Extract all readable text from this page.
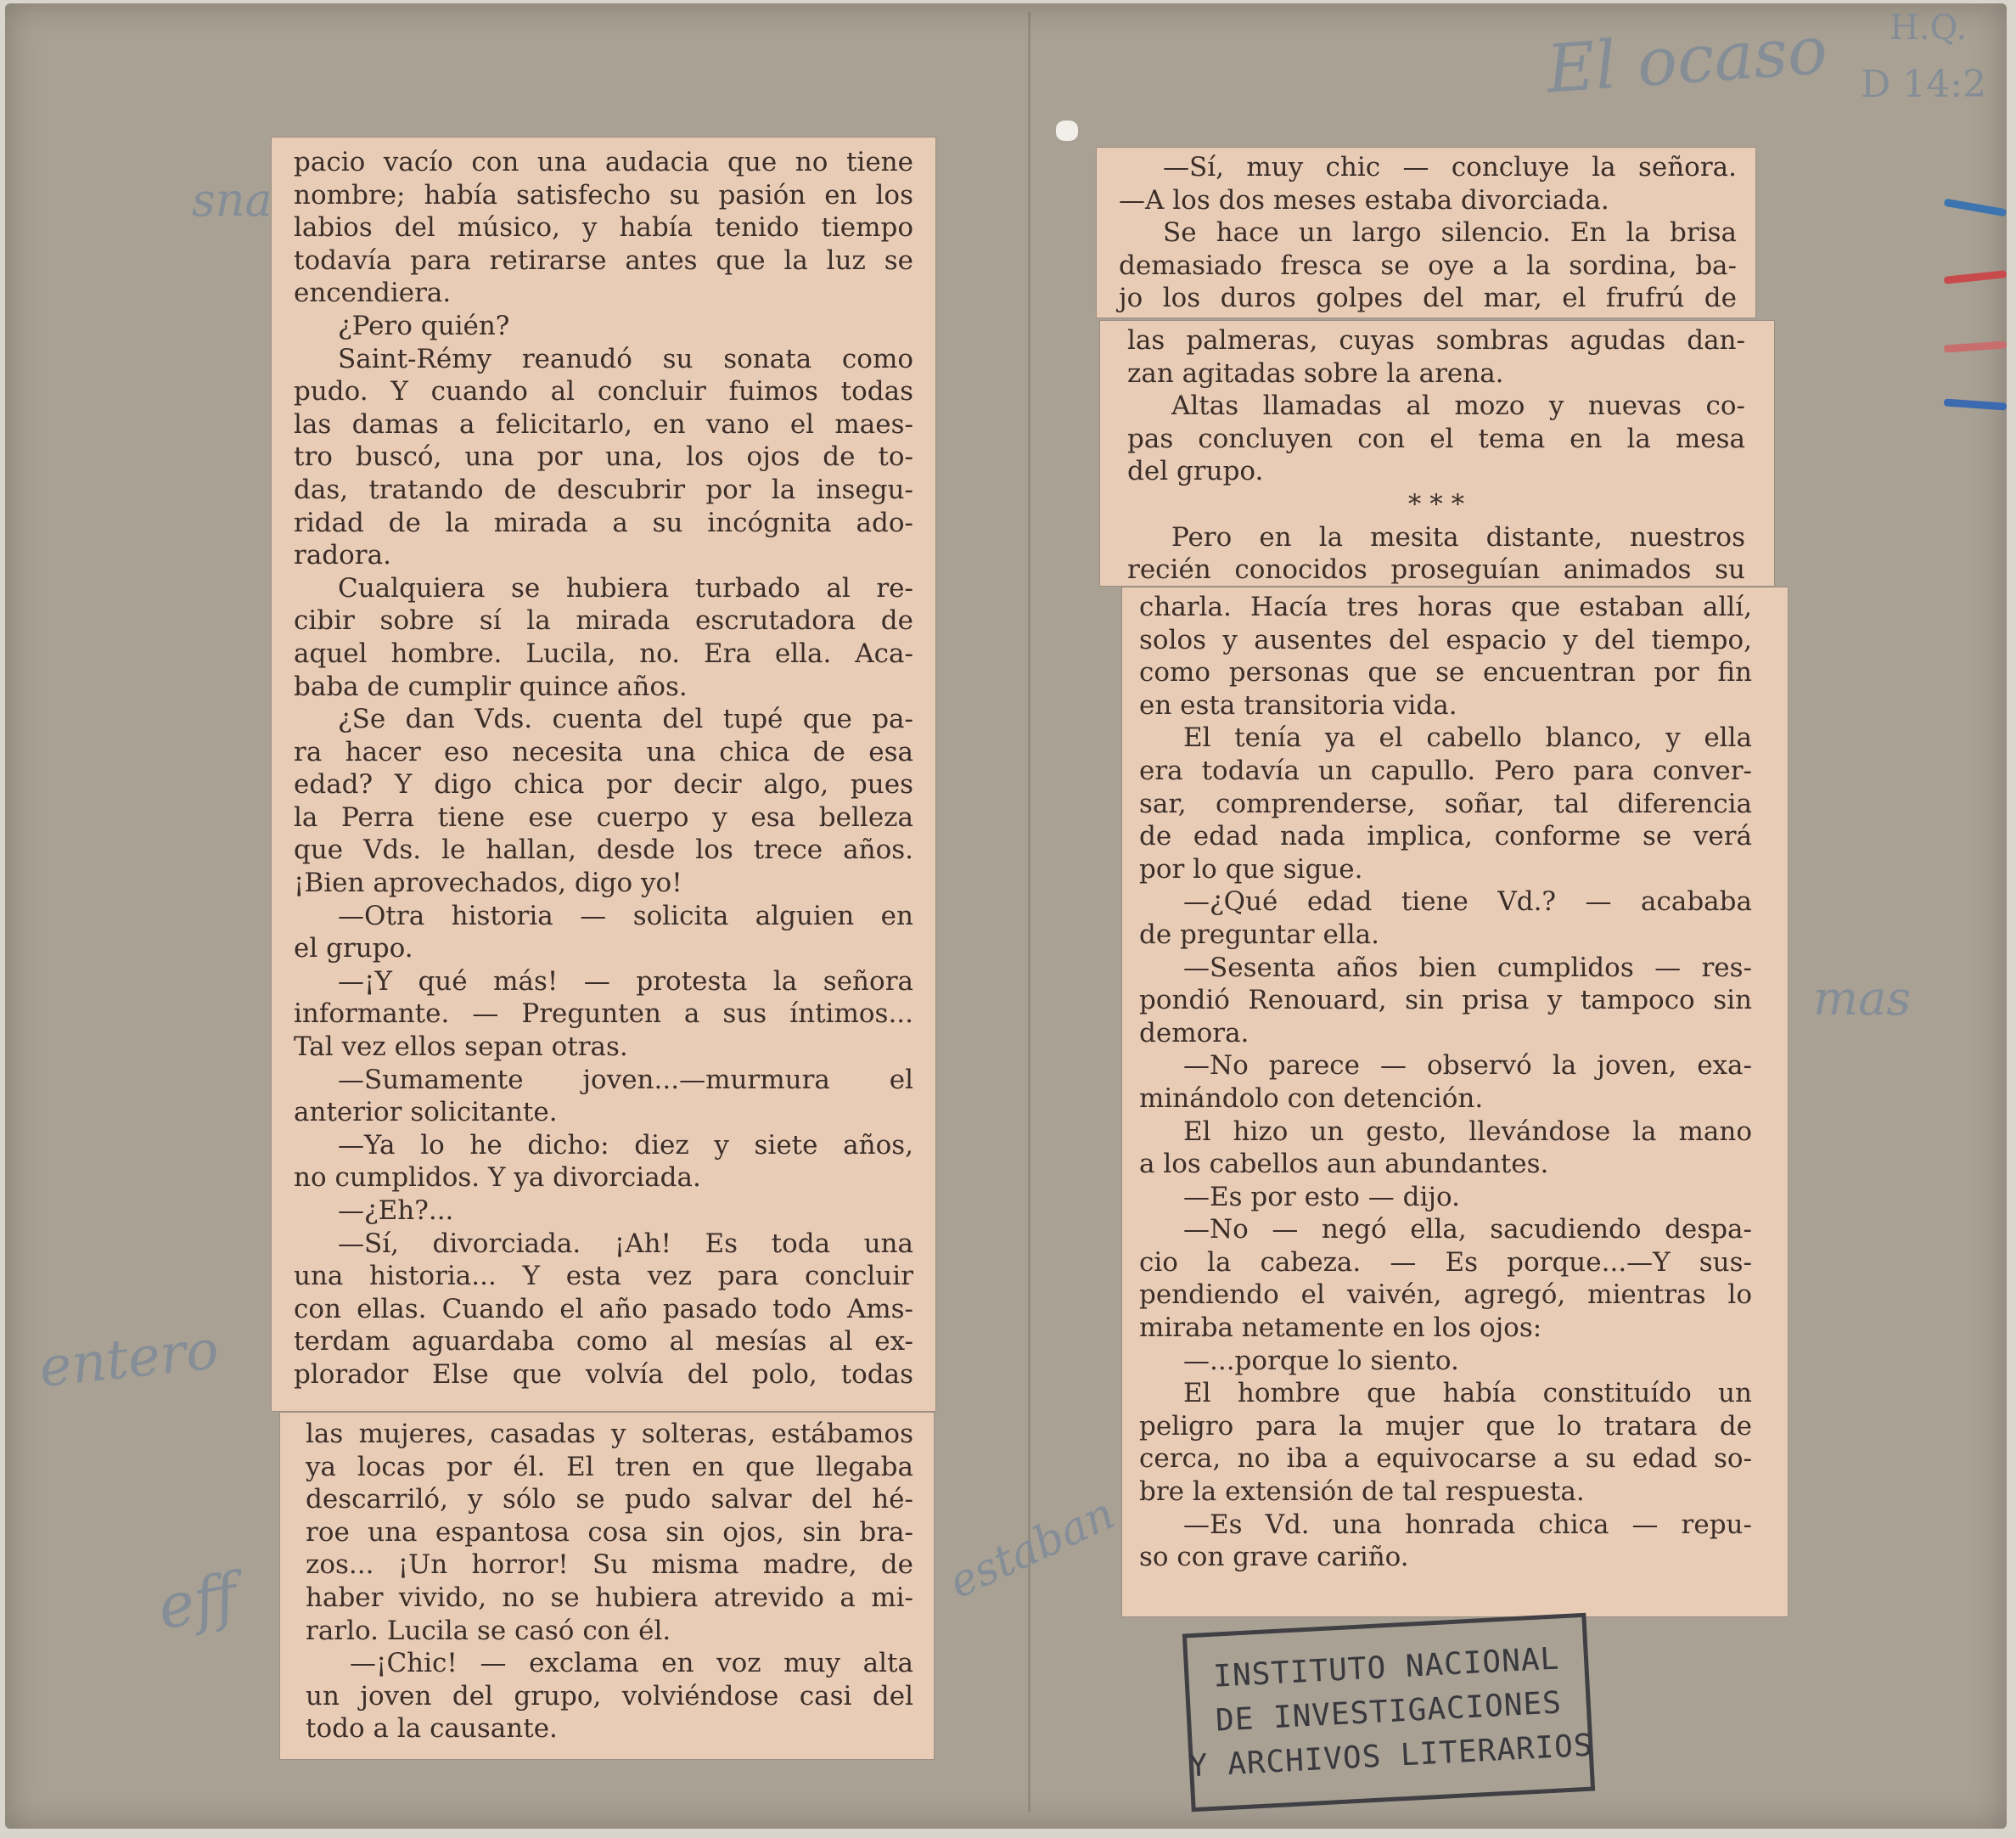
pacio vacío con una audacia que no tiene

nombre; había satisfecho su pasión en los

labios del músico, y había tenido tiempo

todavía para retirarse antes que la luz se

encendiera.

¿Pero quién?

Saint-Rémy reanudó su sonata como

pudo. Y cuando al concluir fuimos todas

las damas a felicitarlo, en vano el maes-

tro buscó, una por una, los ojos de to-

das, tratando de descubrir por la insegu-

ridad de la mirada a su incógnita ado-

radora.

Cualquiera se hubiera turbado al re-

cibir sobre sí la mirada escrutadora de

aquel hombre. Lucila, no. Era ella. Aca-

baba de cumplir quince años.

¿Se dan Vds. cuenta del tupé que pa-

ra hacer eso necesita una chica de esa

edad? Y digo chica por decir algo, pues

la Perra tiene ese cuerpo y esa belleza

que Vds. le hallan, desde los trece años.

¡Bien aprovechados, digo yo!

—Otra historia — solicita alguien en

el grupo.

—¡Y qué más! — protesta la señora

informante. — Pregunten a sus íntimos...

Tal vez ellos sepan otras.

—Sumamente joven...—murmura el

anterior solicitante.

—Ya lo he dicho: diez y siete años,

no cumplidos. Y ya divorciada.

—¿Eh?...

—Sí, divorciada. ¡Ah! Es toda una

una historia... Y esta vez para concluir

con ellas. Cuando el año pasado todo Ams-

terdam aguardaba como al mesías al ex-

plorador Else que volvía del polo, todas

las mujeres, casadas y solteras, estábamos

ya locas por él. El tren en que llegaba

descarriló, y sólo se pudo salvar del hé-

roe una espantosa cosa sin ojos, sin bra-

zos... ¡Un horror! Su misma madre, de

haber vivido, no se hubiera atrevido a mi-

rarlo. Lucila se casó con él.

—¡Chic! — exclama en voz muy alta

un joven del grupo, volviéndose casi del

todo a la causante.

—Sí, muy chic — concluye la señora.

—A los dos meses estaba divorciada.

Se hace un largo silencio. En la brisa

demasiado fresca se oye a la sordina, ba-

jo los duros golpes del mar, el frufrú de

las palmeras, cuyas sombras agudas dan-

zan agitadas sobre la arena.

Altas llamadas al mozo y nuevas co-

pas concluyen con el tema en la mesa

del grupo.

* * *

Pero en la mesita distante, nuestros

recién conocidos proseguían animados su

charla. Hacía tres horas que estaban allí,

solos y ausentes del espacio y del tiempo,

como personas que se encuentran por fin

en esta transitoria vida.

El tenía ya el cabello blanco, y ella

era todavía un capullo. Pero para conver-

sar, comprenderse, soñar, tal diferencia

de edad nada implica, conforme se verá

por lo que sigue.

—¿Qué edad tiene Vd.? — acababa

de preguntar ella.

—Sesenta años bien cumplidos — res-

pondió Renouard, sin prisa y tampoco sin

demora.

—No parece — observó la joven, exa-

minándolo con detención.

El hizo un gesto, llevándose la mano

a los cabellos aun abundantes.

—Es por esto — dijo.

—No — negó ella, sacudiendo despa-

cio la cabeza. — Es porque...—Y sus-

pendiendo el vaivén, agregó, mientras lo

miraba netamente en los ojos:

—...porque lo siento.

El hombre que había constituído un

peligro para la mujer que lo tratara de

cerca, no iba a equivocarse a su edad so-

bre la extensión de tal respuesta.

—Es Vd. una honrada chica — repu-

so con grave cariño.

El ocaso H.Q.
D 14:2
sna
entero
eff	estaban
mas
INSTITUTO NACIONAL
DE INVESTIGACIONES
Y ARCHIVOS LITERARIOS
